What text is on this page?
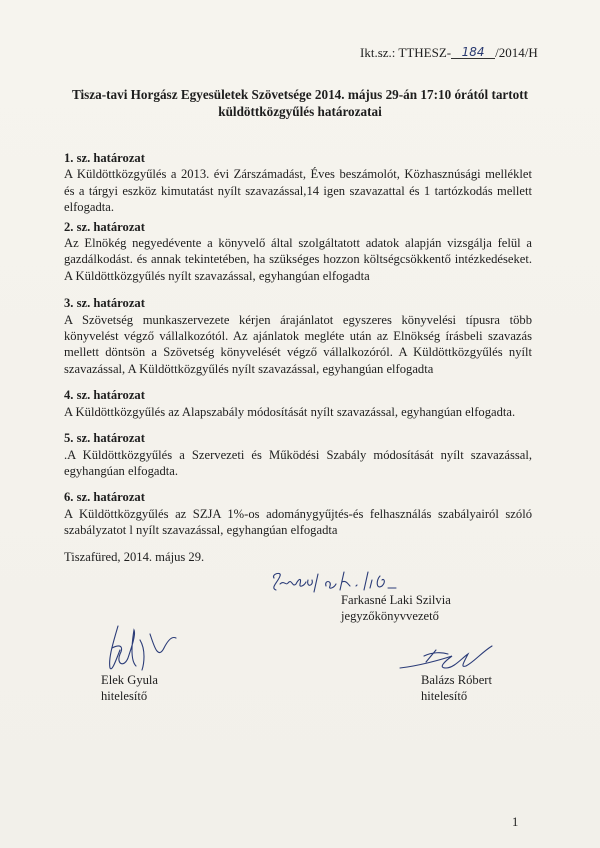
Ikt.sz.: TTHESZ- 184 /2014/H
Tisza-tavi Horgász Egyesületek Szövetsége 2014. május 29-án 17:10 órától tartott
küldöttközgyűlés határozatai

1. sz. határozat

A Küldöttközgyűlés a 2013. évi Zárszámadást, Éves beszámolót, Közhasznúsági melléklet és a tárgyi eszköz kimutatást nyílt szavazással,14 igen szavazattal és 1 tartózkodás mellett elfogadta.

2. sz. határozat

Az Elnökég negyedévente a könyvelő által szolgáltatott adatok alapján vizsgálja felül a gazdálkodást. és annak tekintetében, ha szükséges hozzon költségcsökkentő intézkedéseket. A Küldöttközgyűlés nyílt szavazással, egyhangúan elfogadta

3. sz. határozat

A Szövetség munkaszervezete kérjen árajánlatot egyszeres könyvelési típusra több könyvelést végző vállalkozótól. Az ajánlatok megléte után az Elnökség írásbeli szavazás mellett döntsön a Szövetség könyvelését végző vállalkozóról. A Küldöttközgyűlés nyílt szavazással, A Küldöttközgyűlés nyílt szavazással, egyhangúan elfogadta

4. sz. határozat

A Küldöttközgyűlés az Alapszabály módosítását nyílt szavazással, egyhangúan elfogadta.

5. sz. határozat

.A Küldöttközgyűlés a Szervezeti és Működési Szabály módosítását nyílt szavazással, egyhangúan elfogadta.

6. sz. határozat

A Küldöttközgyűlés az SZJA 1%-os adománygyűjtés-és felhasználás szabályairól szóló szabályzatot l nyílt szavazással, egyhangúan elfogadta

Tiszafüred, 2014. május 29.

Farkasné Laki Szilvia
jegyzőkönyvvezető
Elek Gyula
hitelesítő
Balázs Róbert
hitelesítő
1
